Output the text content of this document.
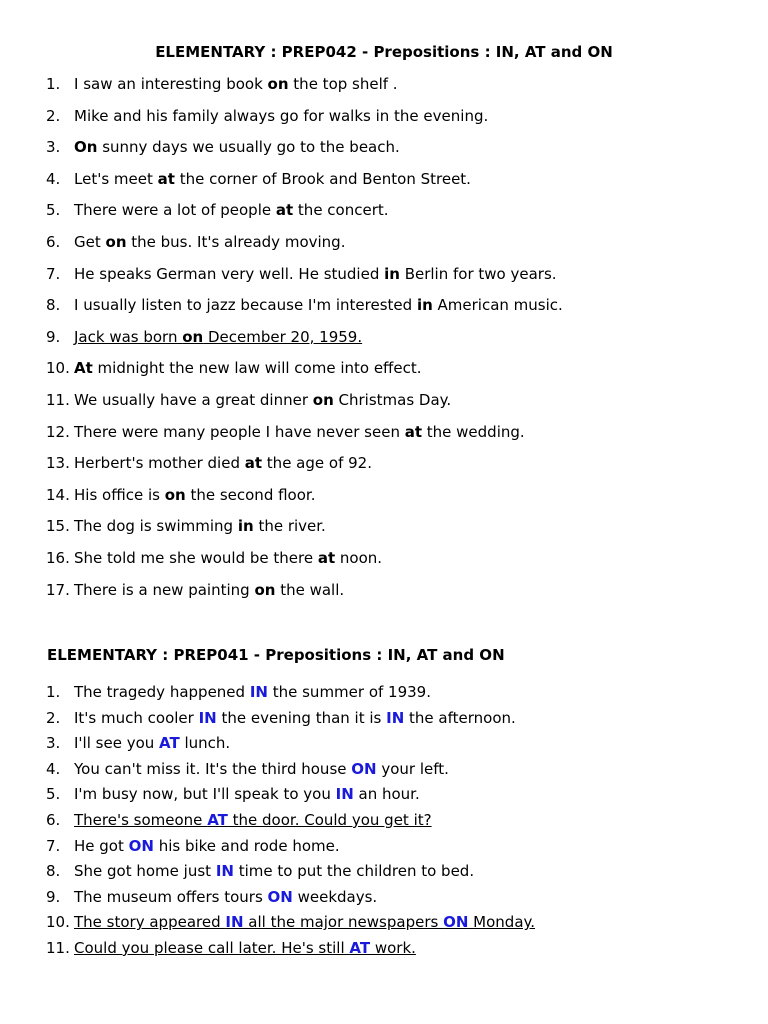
ELEMENTARY : PREP042 - Prepositions : IN, AT and ON
1. I saw an interesting book on the top shelf .
2. Mike and his family always go for walks in the evening.
3. On sunny days we usually go to the beach.
4. Let's meet at the corner of Brook and Benton Street.
5. There were a lot of people at the concert.
6. Get on the bus. It's already moving.
7. He speaks German very well. He studied in Berlin for two years.
8. I usually listen to jazz because I'm interested in American music.
9. Jack was born on December 20, 1959.
10. At midnight the new law will come into effect.
11. We usually have a great dinner on Christmas Day.
12. There were many people I have never seen at the wedding.
13. Herbert's mother died at the age of 92.
14. His office is on the second floor.
15. The dog is swimming in the river.
16. She told me she would be there at noon.
17. There is a new painting on the wall.
ELEMENTARY : PREP041 - Prepositions : IN, AT and ON
1. The tragedy happened IN the summer of 1939.
2. It's much cooler IN the evening than it is IN the afternoon.
3. I'll see you AT lunch.
4. You can't miss it. It's the third house ON your left.
5. I'm busy now, but I'll speak to you IN an hour.
6. There's someone AT the door. Could you get it?
7. He got ON his bike and rode home.
8. She got home just IN time to put the children to bed.
9. The museum offers tours ON weekdays.
10. The story appeared IN all the major newspapers ON Monday.
11. Could you please call later. He's still AT work.
